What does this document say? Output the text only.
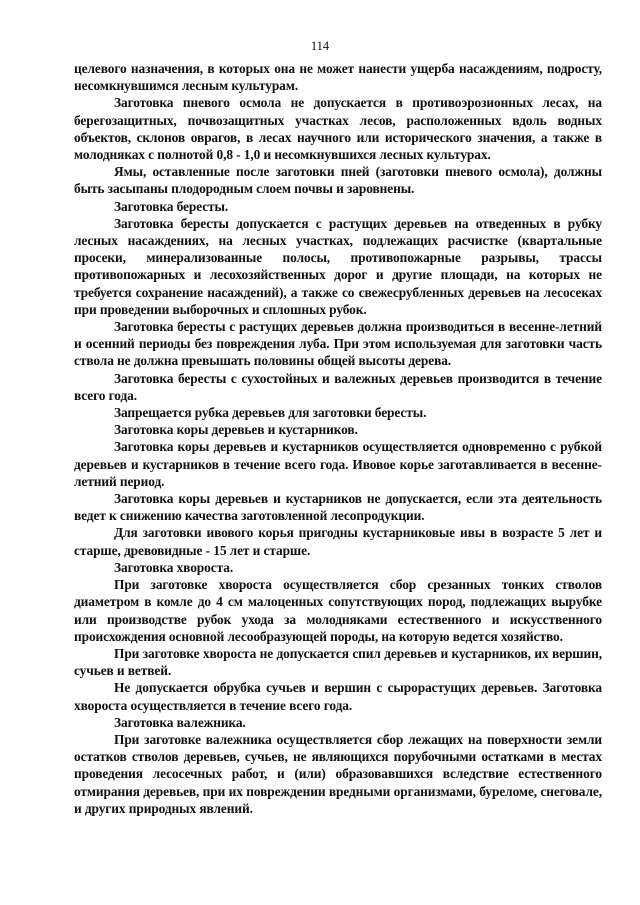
114

целевого назначения, в которых она не может нанести ущерба насаждениям, подросту, несомкнувшимся лесным культурам.

Заготовка пневого осмола не допускается в противоэрозионных лесах, на берегозащитных, почвозащитных участках лесов, расположенных вдоль водных объектов, склонов оврагов, в лесах научного или исторического значения, а также в молодняках с полнотой 0,8 - 1,0 и несомкнувшихся лесных культурах.

Ямы, оставленные после заготовки пней (заготовки пневого осмола), должны быть засыпаны плодородным слоем почвы и заровнены.

Заготовка бересты.

Заготовка бересты допускается с растущих деревьев на отведенных в рубку лесных насаждениях, на лесных участках, подлежащих расчистке (квартальные просеки, минерализованные полосы, противопожарные разрывы, трассы противопожарных и лесохозяйственных дорог и другие площади, на которых не требуется сохранение насаждений), а также со свежесрубленных деревьев на лесосеках при проведении выборочных и сплошных рубок.

Заготовка бересты с растущих деревьев должна производиться в весенне-летний и осенний периоды без повреждения луба. При этом используемая для заготовки часть ствола не должна превышать половины общей высоты дерева.

Заготовка бересты с сухостойных и валежных деревьев производится в течение всего года.

Запрещается рубка деревьев для заготовки бересты.

Заготовка коры деревьев и кустарников.

Заготовка коры деревьев и кустарников осуществляется одновременно с рубкой деревьев и кустарников в течение всего года. Ивовое корье заготавливается в весенне-летний период.

Заготовка коры деревьев и кустарников не допускается, если эта деятельность ведет к снижению качества заготовленной лесопродукции.

Для заготовки ивового корья пригодны кустарниковые ивы в возрасте 5 лет и старше, древовидные - 15 лет и старше.

Заготовка хвороста.

При заготовке хвороста осуществляется сбор срезанных тонких стволов диаметром в комле до 4 см малоценных сопутствующих пород, подлежащих вырубке или производстве рубок ухода за молодняками естественного и искусственного происхождения основной лесообразующей породы, на которую ведется хозяйство.

При заготовке хвороста не допускается спил деревьев и кустарников, их вершин, сучьев и ветвей.

Не допускается обрубка сучьев и вершин с сырорастущих деревьев. Заготовка хвороста осуществляется в течение всего года.

Заготовка валежника.

При заготовке валежника осуществляется сбор лежащих на поверхности земли остатков стволов деревьев, сучьев, не являющихся порубочными остатками в местах проведения лесосечных работ, и (или) образовавшихся вследствие естественного отмирания деревьев, при их повреждении вредными организмами, буреломе, снеговале, и других природных явлений.
